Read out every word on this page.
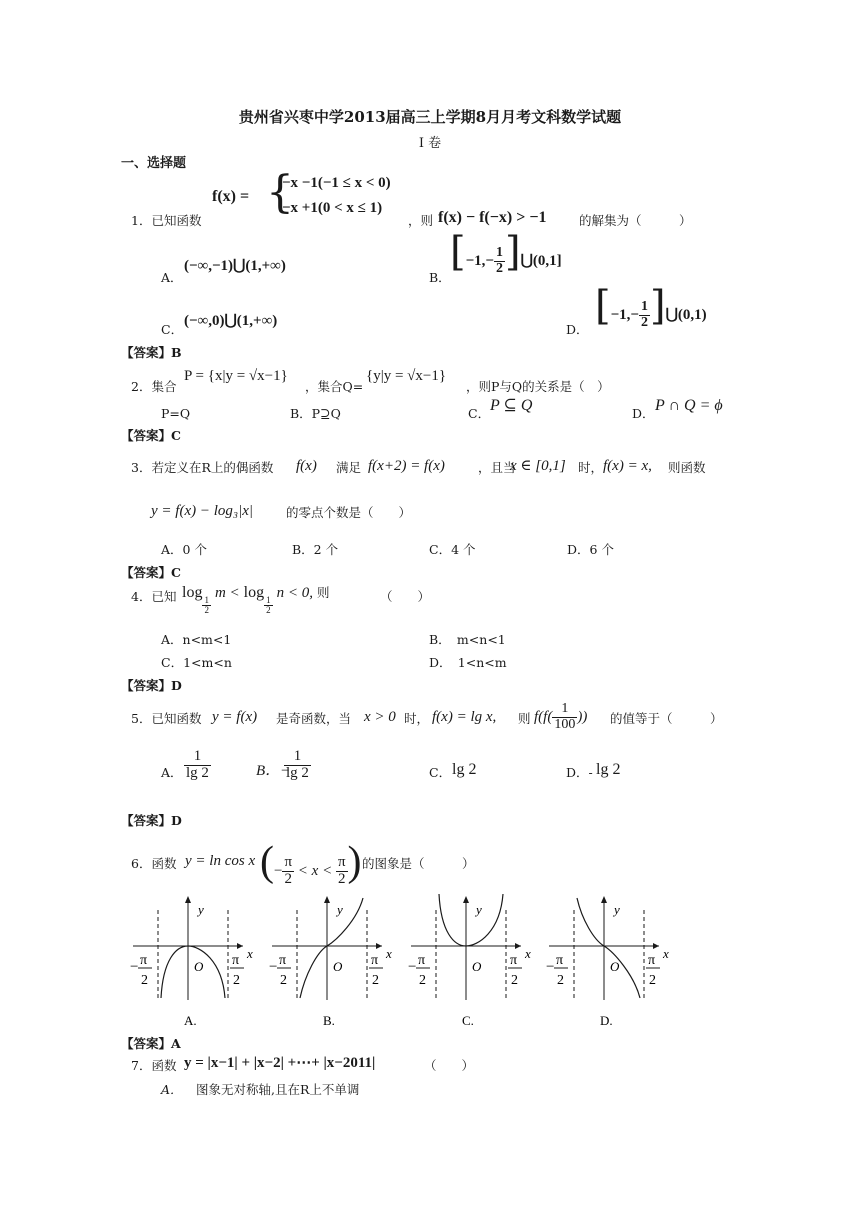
贵州省兴枣中学2013届高三上学期8月月考文科数学试题
I 卷
一、选择题
1．已知函数
f(x) = {
−x −1(−1 ≤ x < 0)
−x +1(0 < x ≤ 1)
，则 f(x) − f(−x) > −1	的解集为（　　　）
A．
(−∞,−1)⋃(1,+∞)
B．
[$-1,- \frac{1}{2}$ ]⋃(0,1]
C．
(−∞,0)⋃(1,+∞)
D．
[$-1,- \frac{1}{2}$ ]⋃(0,1)
【答案】B
2．集合
P = {x|y = √x−1}
，集合Q=
{y|y = √x−1}
，则P与Q的关系是（　）
P=Q	B．P⊇Q	C． P ⊆ Q	D． P ∩ Q = ϕ
【答案】C
3．若定义在R上的偶函数 f(x) 满足 f(x+2) = f(x)	，且当
x ∈ [0,1] 时， f(x) = x, 则函数
y = f(x) − log₃|x|	的零点个数是（　　）
A．0 个	B．2 个	C．4 个	D．6 个
【答案】C
4．已知 log
$\frac{1}{2}$
m < log
$\frac{1}{2}$
n < 0, 则	（　　）
A．n<m<1	B．　m<n<1
C．1<m<n	D．　1<n<m
【答案】D
5．已知函数 y = f(x) 是奇函数，当 x > 0 时， f(x) = lg x, 则 $f(f( \frac{1}{100}$ )) 的值等于（　　　）
A． $\frac{1}{\lg 2}$	B．−
$\frac{1}{\lg 2}$	C． lg 2	D．- lg 2
【答案】D
6．函数 y = ln cos x (− $\frac{\pi}{2} < x < \frac{\pi}{2}$ ) 的图象是（　　　）
y
x
O
− π
2
π
2
A.
y
x
O
− π
2
π
2
B.
y
x
O
− π
2
π
2
C.
y
x
O
− π
2
π
2
D.
【答案】A
7．函数 y = |x−1| + |x−2| +⋯+ |x−2011|	（　　）
A． 图象无对称轴,且在R上不单调
